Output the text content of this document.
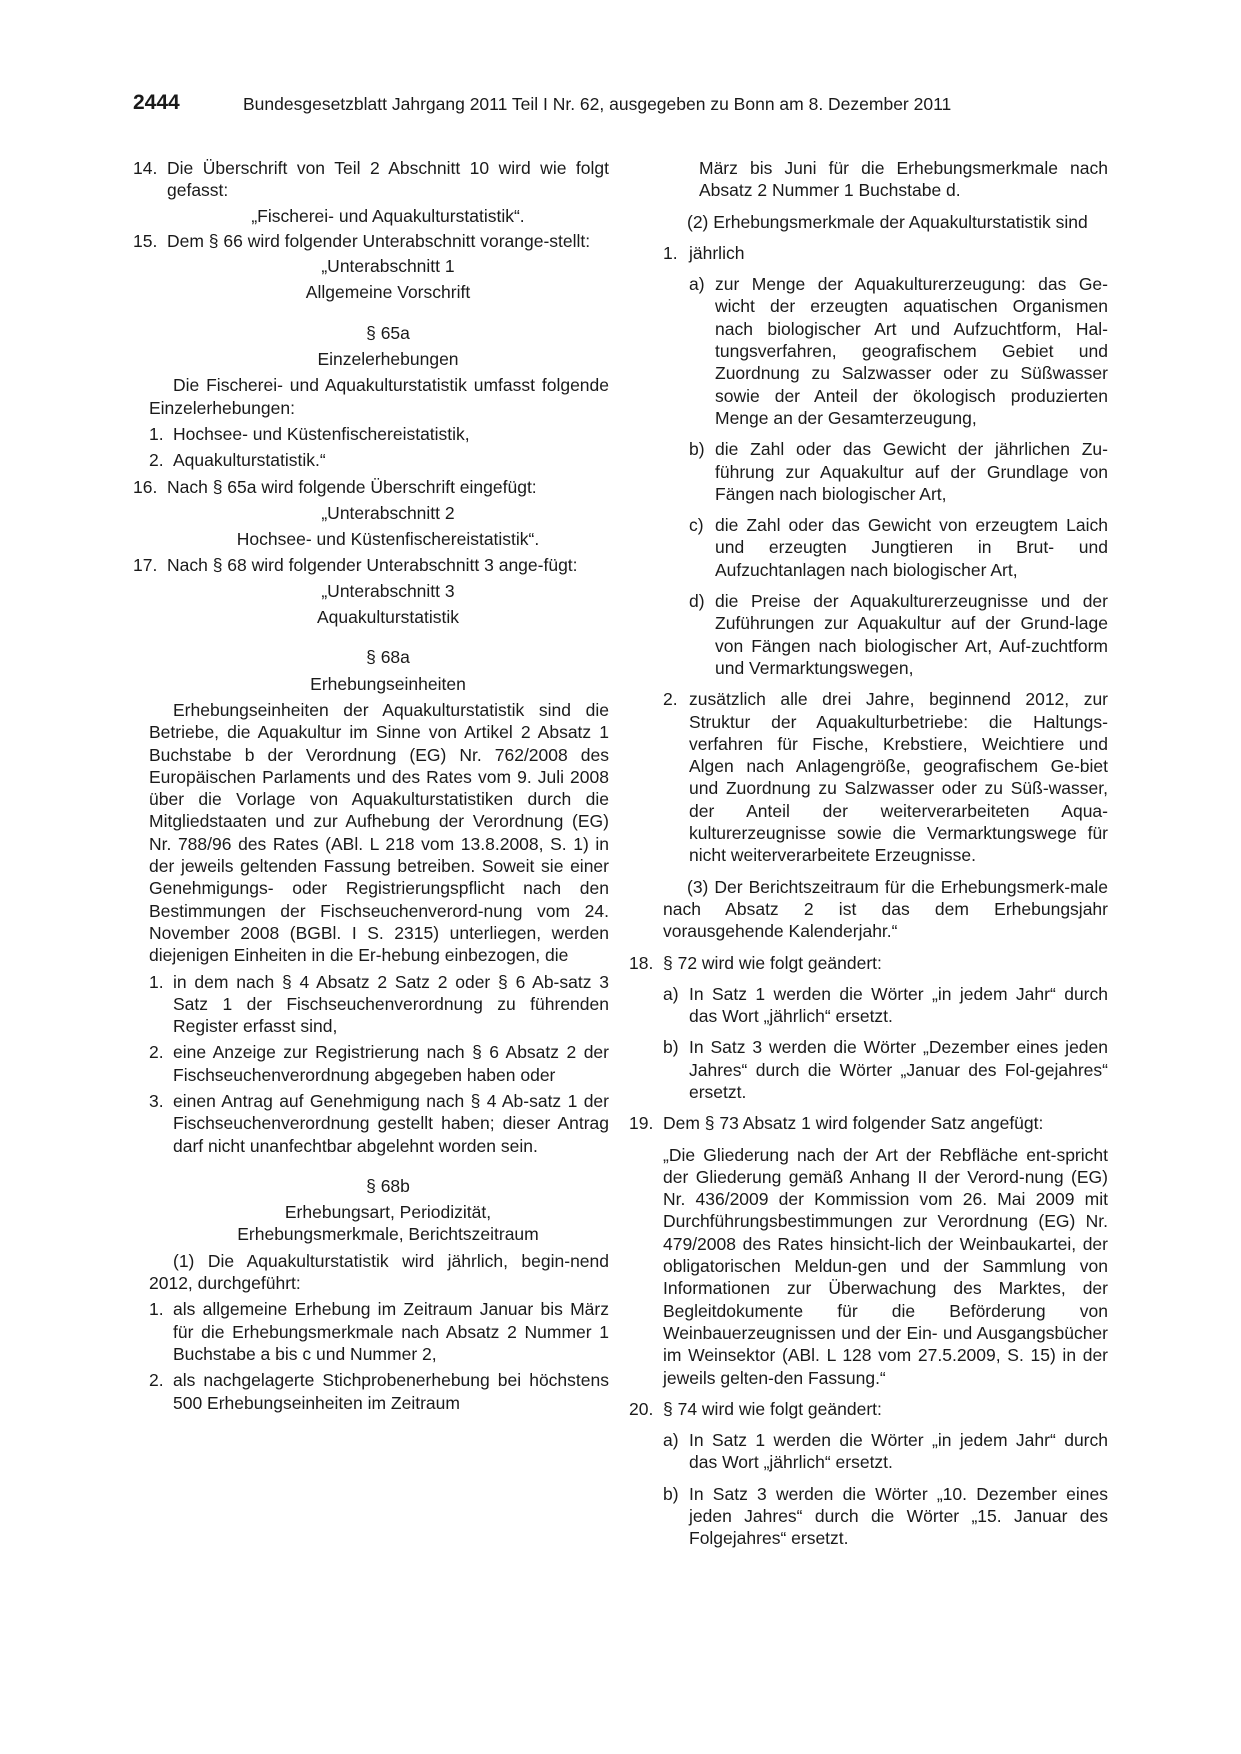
2444	Bundesgesetzblatt Jahrgang 2011 Teil I Nr. 62, ausgegeben zu Bonn am 8. Dezember 2011
14. Die Überschrift von Teil 2 Abschnitt 10 wird wie folgt gefasst:

„Fischerei- und Aquakulturstatistik“.

15. Dem § 66 wird folgender Unterabschnitt vorange-stellt:

„Unterabschnitt 1

Allgemeine Vorschrift

§ 65a

Einzelerhebungen

Die Fischerei- und Aquakulturstatistik umfasst folgende Einzelerhebungen:

1. Hochsee- und Küstenfischereistatistik,
2. Aquakulturstatistik.“
16. Nach § 65a wird folgende Überschrift eingefügt:

„Unterabschnitt 2

Hochsee- und Küstenfischereistatistik“.

17. Nach § 68 wird folgender Unterabschnitt 3 ange-fügt:

„Unterabschnitt 3

Aquakulturstatistik

§ 68a

Erhebungseinheiten

Erhebungseinheiten der Aquakulturstatistik sind die Betriebe, die Aquakultur im Sinne von Artikel 2 Absatz 1 Buchstabe b der Verordnung (EG) Nr. 762/2008 des Europäischen Parlaments und des Rates vom 9. Juli 2008 über die Vorlage von Aquakulturstatistiken durch die Mitgliedstaaten und zur Aufhebung der Verordnung (EG) Nr. 788/96 des Rates (ABl. L 218 vom 13.8.2008, S. 1) in der jeweils geltenden Fassung betreiben. Soweit sie einer Genehmigungs- oder Registrierungspflicht nach den Bestimmungen der Fischseuchenverord-nung vom 24. November 2008 (BGBl. I S. 2315) unterliegen, werden diejenigen Einheiten in die Er-hebung einbezogen, die

1. in dem nach § 4 Absatz 2 Satz 2 oder § 6 Ab-satz 3 Satz 1 der Fischseuchenverordnung zu führenden Register erfasst sind,
2. eine Anzeige zur Registrierung nach § 6 Absatz 2 der Fischseuchenverordnung abgegeben haben oder
3. einen Antrag auf Genehmigung nach § 4 Ab-satz 1 der Fischseuchenverordnung gestellt haben; dieser Antrag darf nicht unanfechtbar abgelehnt worden sein.

§ 68b

Erhebungsart, Periodizität,

Erhebungsmerkmale, Berichtszeitraum

(1) Die Aquakulturstatistik wird jährlich, begin-nend 2012, durchgeführt:

1. als allgemeine Erhebung im Zeitraum Januar bis März für die Erhebungsmerkmale nach Absatz 2 Nummer 1 Buchstabe a bis c und Nummer 2,
2. als nachgelagerte Stichprobenerhebung bei höchstens 500 Erhebungseinheiten im Zeitraum

März bis Juni für die Erhebungsmerkmale nach Absatz 2 Nummer 1 Buchstabe d.

(2) Erhebungsmerkmale der Aquakulturstatistik sind

1. jährlich
a) zur Menge der Aquakulturerzeugung: das Ge-wicht der erzeugten aquatischen Organismen nach biologischer Art und Aufzuchtform, Hal-tungsverfahren, geografischem Gebiet und Zuordnung zu Salzwasser oder zu Süßwasser sowie der Anteil der ökologisch produzierten Menge an der Gesamterzeugung,
b) die Zahl oder das Gewicht der jährlichen Zu-führung zur Aquakultur auf der Grundlage von Fängen nach biologischer Art,
c) die Zahl oder das Gewicht von erzeugtem Laich und erzeugten Jungtieren in Brut- und Aufzuchtanlagen nach biologischer Art,
d) die Preise der Aquakulturerzeugnisse und der Zuführungen zur Aquakultur auf der Grund-lage von Fängen nach biologischer Art, Auf-zuchtform und Vermarktungswegen,
2. zusätzlich alle drei Jahre, beginnend 2012, zur Struktur der Aquakulturbetriebe: die Haltungs-verfahren für Fische, Krebstiere, Weichtiere und Algen nach Anlagengröße, geografischem Ge-biet und Zuordnung zu Salzwasser oder zu Süß-wasser, der Anteil der weiterverarbeiteten Aqua-kulturerzeugnisse sowie die Vermarktungswege für nicht weiterverarbeitete Erzeugnisse.

(3) Der Berichtszeitraum für die Erhebungsmerk-male nach Absatz 2 ist das dem Erhebungsjahr vorausgehende Kalenderjahr.“

18. § 72 wird wie folgt geändert:
a) In Satz 1 werden die Wörter „in jedem Jahr“ durch das Wort „jährlich“ ersetzt.
b) In Satz 3 werden die Wörter „Dezember eines jeden Jahres“ durch die Wörter „Januar des Fol-gejahres“ ersetzt.
19. Dem § 73 Absatz 1 wird folgender Satz angefügt:

„Die Gliederung nach der Art der Rebfläche ent-spricht der Gliederung gemäß Anhang II der Verord-nung (EG) Nr. 436/2009 der Kommission vom 26. Mai 2009 mit Durchführungsbestimmungen zur Verordnung (EG) Nr. 479/2008 des Rates hinsicht-lich der Weinbaukartei, der obligatorischen Meldun-gen und der Sammlung von Informationen zur Überwachung des Marktes, der Begleitdokumente für die Beförderung von Weinbauerzeugnissen und der Ein- und Ausgangsbücher im Weinsektor (ABl. L 128 vom 27.5.2009, S. 15) in der jeweils gelten-den Fassung.“

20. § 74 wird wie folgt geändert:
a) In Satz 1 werden die Wörter „in jedem Jahr“ durch das Wort „jährlich“ ersetzt.
b) In Satz 3 werden die Wörter „10. Dezember eines jeden Jahres“ durch die Wörter „15. Januar des Folgejahres“ ersetzt.
